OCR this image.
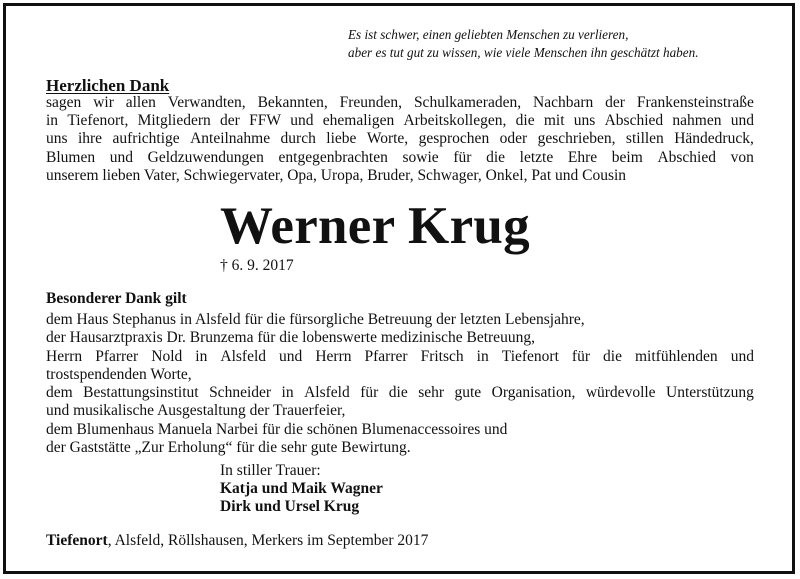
Es ist schwer, einen geliebten Menschen zu verlieren,
aber es tut gut zu wissen, wie viele Menschen ihn geschätzt haben.
Herzlichen Dank
sagen wir allen Verwandten, Bekannten, Freunden, Schulkameraden, Nachbarn der Frankensteinstraße
in Tiefenort, Mitgliedern der FFW und ehemaligen Arbeitskollegen, die mit uns Abschied nahmen und
uns ihre aufrichtige Anteilnahme durch liebe Worte, gesprochen oder geschrieben, stillen Händedruck,
Blumen und Geldzuwendungen entgegenbrachten sowie für die letzte Ehre beim Abschied von
unserem lieben Vater, Schwiegervater, Opa, Uropa, Bruder, Schwager, Onkel, Pat und Cousin
Werner Krug
† 6. 9. 2017
Besonderer Dank gilt
dem Haus Stephanus in Alsfeld für die fürsorgliche Betreuung der letzten Lebensjahre,
der Hausarztpraxis Dr. Brunzema für die lobenswerte medizinische Betreuung,
Herrn Pfarrer Nold in Alsfeld und Herrn Pfarrer Fritsch in Tiefenort für die mitfühlenden und
trostspendenden Worte,
dem Bestattungsinstitut Schneider in Alsfeld für die sehr gute Organisation, würdevolle Unterstützung
und musikalische Ausgestaltung der Trauerfeier,
dem Blumenhaus Manuela Narbei für die schönen Blumenaccessoires und
der Gaststätte „Zur Erholung“ für die sehr gute Bewirtung.
In stiller Trauer:
Katja und Maik Wagner
Dirk und Ursel Krug
Tiefenort, Alsfeld, Röllshausen, Merkers im September 2017
